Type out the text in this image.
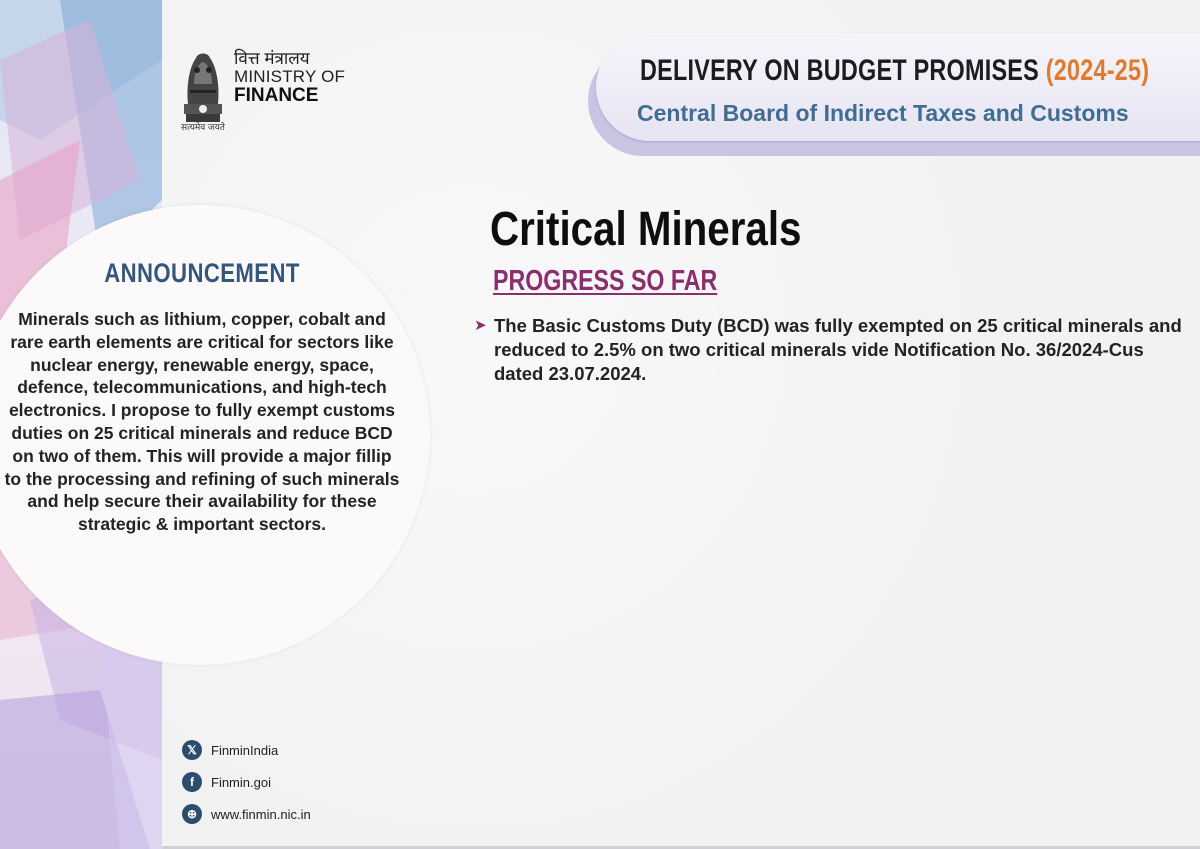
वित्त मंत्रालय
MINISTRY OF
FINANCE
सत्यमेव जयते
DELIVERY ON BUDGET PROMISES (2024-25)
Central Board of Indirect Taxes and Customs
ANNOUNCEMENT
Minerals such as lithium, copper, cobalt and rare earth elements are critical for sectors like nuclear energy, renewable energy, space, defence, telecommunications, and high-tech electronics. I propose to fully exempt customs duties on 25 critical minerals and reduce BCD on two of them. This will provide a major fillip to the processing and refining of such minerals and help secure their availability for these strategic & important sectors.
Critical Minerals
PROGRESS SO FAR
➤ The Basic Customs Duty (BCD) was fully exempted on 25 critical minerals and reduced to 2.5% on two critical minerals vide Notification No. 36/2024-Cus dated 23.07.2024.
𝕏	FinminIndia
f	Finmin.goi
⊕	www.finmin.nic.in
